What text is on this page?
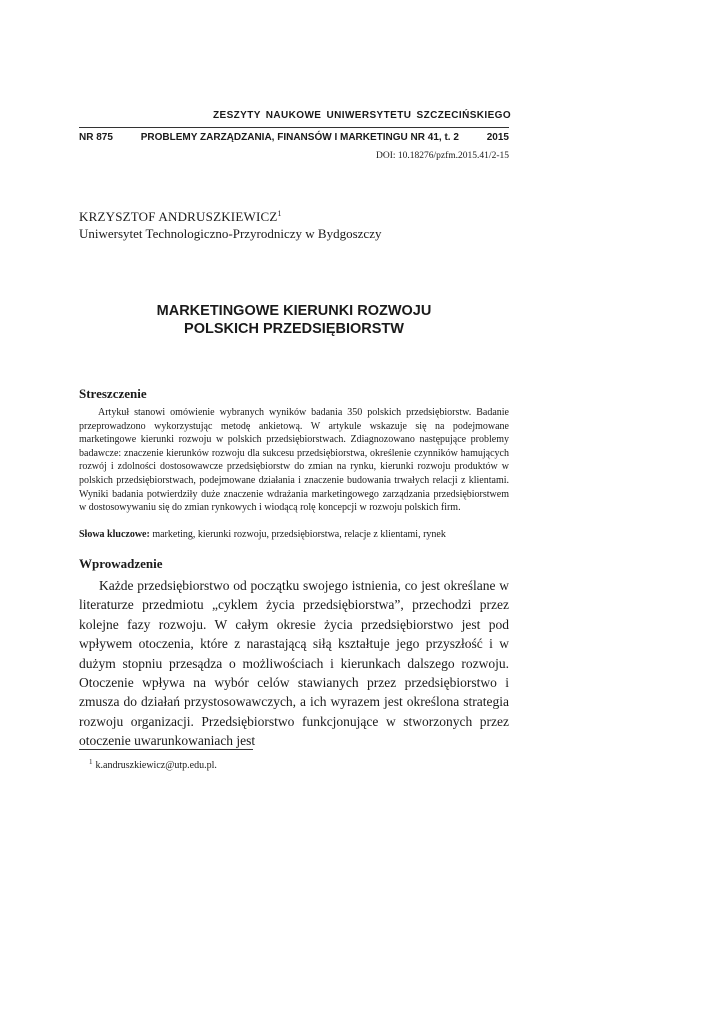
ZESZYTY NAUKOWE UNIWERSYTETU SZCZECIŃSKIEGO
NR 875	PROBLEMY ZARZĄDZANIA, FINANSÓW I MARKETINGU NR 41, t. 2	2015
DOI: 10.18276/pzfm.2015.41/2-15
KRZYSZTOF ANDRUSZKIEWICZ$^1$
Uniwersytet Technologiczno-Przyrodniczy w Bydgoszczy
MARKETINGOWE KIERUNKI ROZWOJU
POLSKICH PRZEDSIĘBIORSTW
Streszczenie
Artykuł stanowi omówienie wybranych wyników badania 350 polskich przedsiębiorstw. Badanie przeprowadzono wykorzystując metodę ankietową. W artykule wskazuje się na podejmowane marketingowe kierunki rozwoju w polskich przedsiębiorstwach. Zdiagnozowano następujące problemy badawcze: znaczenie kierunków rozwoju dla sukcesu przedsiębiorstwa, określenie czynników hamujących rozwój i zdolności dostosowawcze przedsiębiorstw do zmian na rynku, kierunki rozwoju produktów w polskich przedsiębiorstwach, podejmowane działania i znaczenie budowania trwałych relacji z klientami. Wyniki badania potwierdziły duże znaczenie wdrażania marketingowego zarządzania przedsiębiorstwem w dostosowywaniu się do zmian rynkowych i wiodącą rolę koncepcji w rozwoju polskich firm.
Słowa kluczowe: marketing, kierunki rozwoju, przedsiębiorstwa, relacje z klientami, rynek
Wprowadzenie
Każde przedsiębiorstwo od początku swojego istnienia, co jest określane w literaturze przedmiotu „cyklem życia przedsiębiorstwa”, przechodzi przez kolejne fazy rozwoju. W całym okresie życia przedsiębiorstwo jest pod wpływem otoczenia, które z narastającą siłą kształtuje jego przyszłość i w dużym stopniu przesądza o możliwościach i kierunkach dalszego rozwoju. Otoczenie wpływa na wybór celów stawianych przez przedsiębiorstwo i zmusza do działań przystosowawczych, a ich wyrazem jest określona strategia rozwoju organizacji. Przedsiębiorstwo funkcjonujące w stworzonych przez otoczenie uwarunkowaniach jest
$^1$ k.andruszkiewicz@utp.edu.pl.
